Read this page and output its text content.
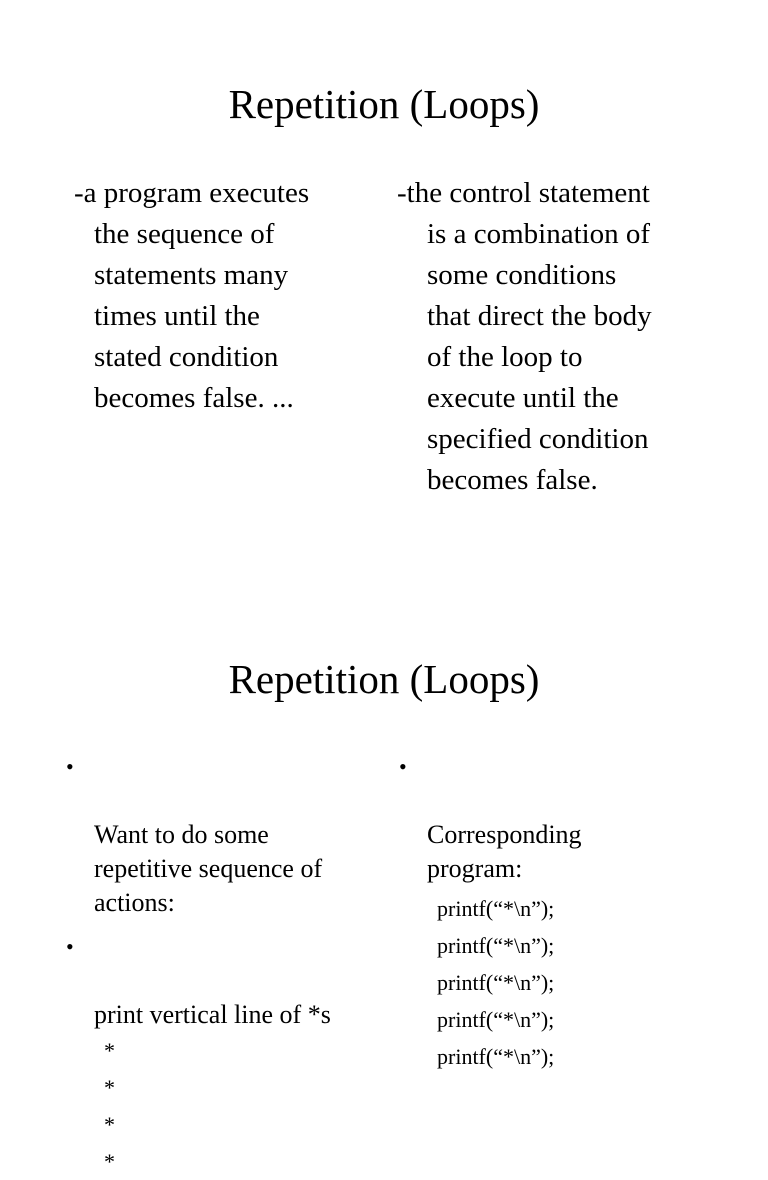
Repetition (Loops)

-a program executes
the sequence of
statements many
times until the
stated condition
becomes false. ...

-the control statement
is a combination of
some conditions
that direct the body
of the loop to
execute until the
specified condition
becomes false.

Repetition (Loops)

•

Want to do some
repetitive sequence of
actions:

•

print vertical line of *s

*

*

*

*

•

Corresponding
program:

printf(“*\n”);

printf(“*\n”);

printf(“*\n”);

printf(“*\n”);

printf(“*\n”);
